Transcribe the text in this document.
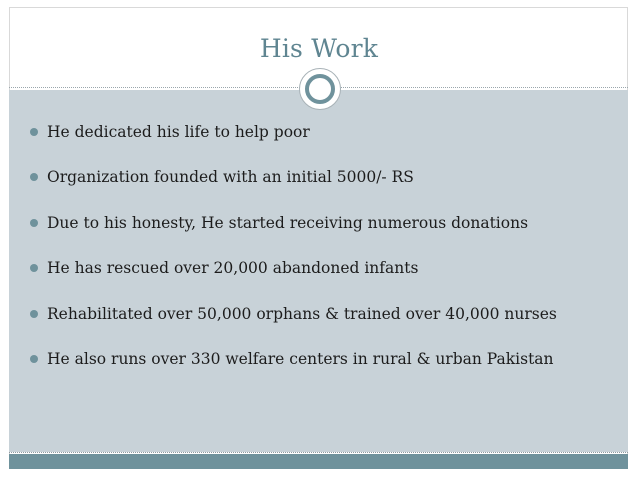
His Work
He dedicated his life to help poor
Organization founded with an initial 5000/- RS
Due to his honesty, He started receiving numerous donations
He has rescued over 20,000 abandoned infants
Rehabilitated over 50,000 orphans & trained over 40,000 nurses
He also runs over 330 welfare centers in rural & urban Pakistan
